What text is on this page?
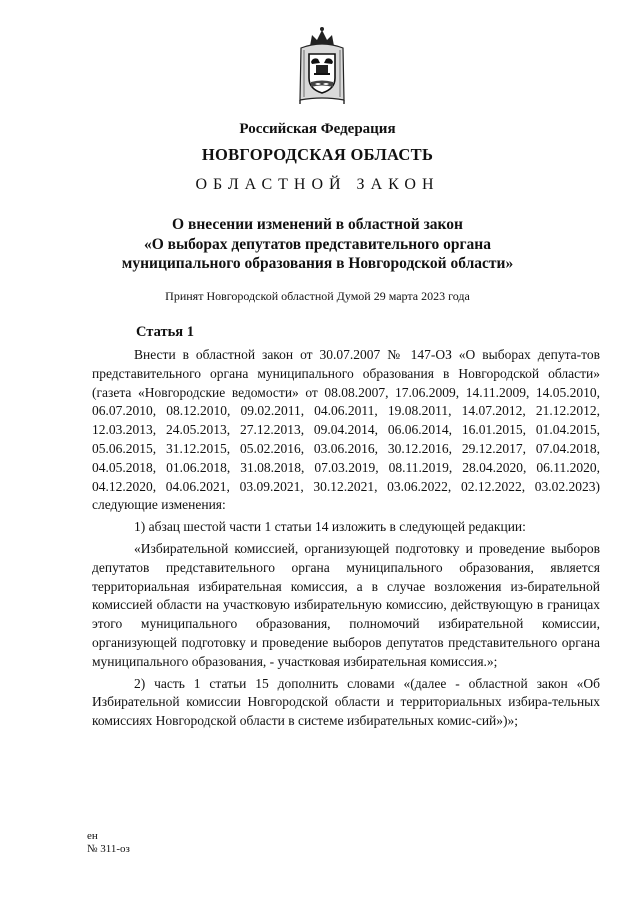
Российская Федерация
НОВГОРОДСКАЯ ОБЛАСТЬ
ОБЛАСТНОЙ ЗАКОН
О внесении изменений в областной закон
«О выборах депутатов представительного органа
муниципального образования в Новгородской области»
Принят Новгородской областной Думой 29 марта 2023 года
Статья 1

Внести в областной закон от 30.07.2007 № 147-ОЗ «О выборах депута-тов представительного органа муниципального образования в Новгородской области» (газета «Новгородские ведомости» от 08.08.2007, 17.06.2009, 14.11.2009, 14.05.2010, 06.07.2010, 08.12.2010, 09.02.2011, 04.06.2011, 19.08.2011, 14.07.2012, 21.12.2012, 12.03.2013, 24.05.2013, 27.12.2013, 09.04.2014, 06.06.2014, 16.01.2015, 01.04.2015, 05.06.2015, 31.12.2015, 05.02.2016, 03.06.2016, 30.12.2016, 29.12.2017, 07.04.2018, 04.05.2018, 01.06.2018, 31.08.2018, 07.03.2019, 08.11.2019, 28.04.2020, 06.11.2020, 04.12.2020, 04.06.2021, 03.09.2021, 30.12.2021, 03.06.2022, 02.12.2022, 03.02.2023) следующие изменения:

1) абзац шестой части 1 статьи 14 изложить в следующей редакции:

«Избирательной комиссией, организующей подготовку и проведение выборов депутатов представительного органа муниципального образования, является территориальная избирательная комиссия, а в случае возложения из-бирательной комиссией области на участковую избирательную комиссию, действующую в границах этого муниципального образования, полномочий избирательной комиссии, организующей подготовку и проведение выборов депутатов представительного органа муниципального образования, - участковая избирательная комиссия.»;

2) часть 1 статьи 15 дополнить словами «(далее - областной закон «Об Избирательной комиссии Новгородской области и территориальных избира-тельных комиссиях Новгородской области в системе избирательных комис-сий»)»;

ен
№ 311-оз
